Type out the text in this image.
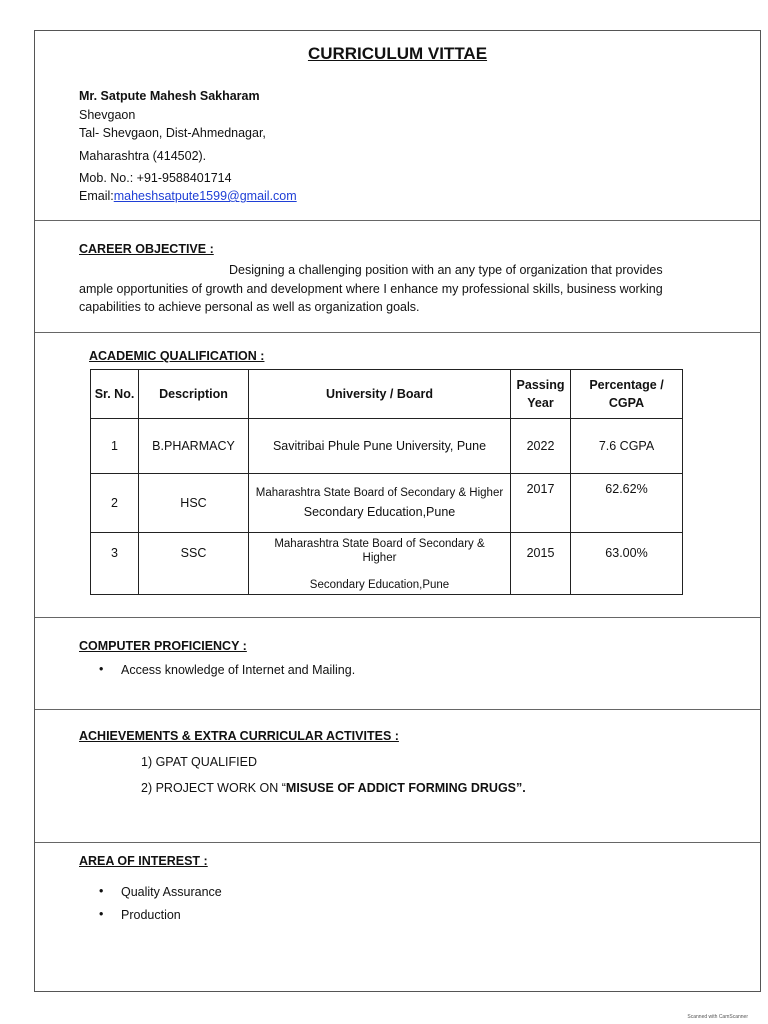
CURRICULUM VITTAE
Mr. Satpute Mahesh Sakharam
Shevgaon
Tal- Shevgaon, Dist-Ahmednagar,
Maharashtra (414502).
Mob. No.: +91-9588401714
Email:maheshsatpute1599@gmail.com
CAREER OBJECTIVE :
Designing a challenging position with an any type of organization that provides ample opportunities of growth and development where I enhance my professional skills, business working capabilities to achieve personal as well as organization goals.
ACADEMIC QUALIFICATION :
Sr. No.	Description	University / Board	Passing Year	Percentage / CGPA
1	B.PHARMACY	Savitribai Phule Pune University, Pune	2022	7.6 CGPA
2	HSC	Maharashtra State Board of Secondary & Higher
Secondary Education,Pune	2017	62.62%
3	SSC	Maharashtra State Board of Secondary & Higher
Secondary Education,Pune	2015	63.00%
COMPUTER PROFICIENCY :
• Access knowledge of Internet and Mailing.
ACHIEVEMENTS & EXTRA CURRICULAR ACTIVITES :
1) GPAT QUALIFIED
2) PROJECT WORK ON “MISUSE OF ADDICT FORMING DRUGS”.
AREA OF INTEREST :
• Quality Assurance
• Production
Scanned with CamScanner
